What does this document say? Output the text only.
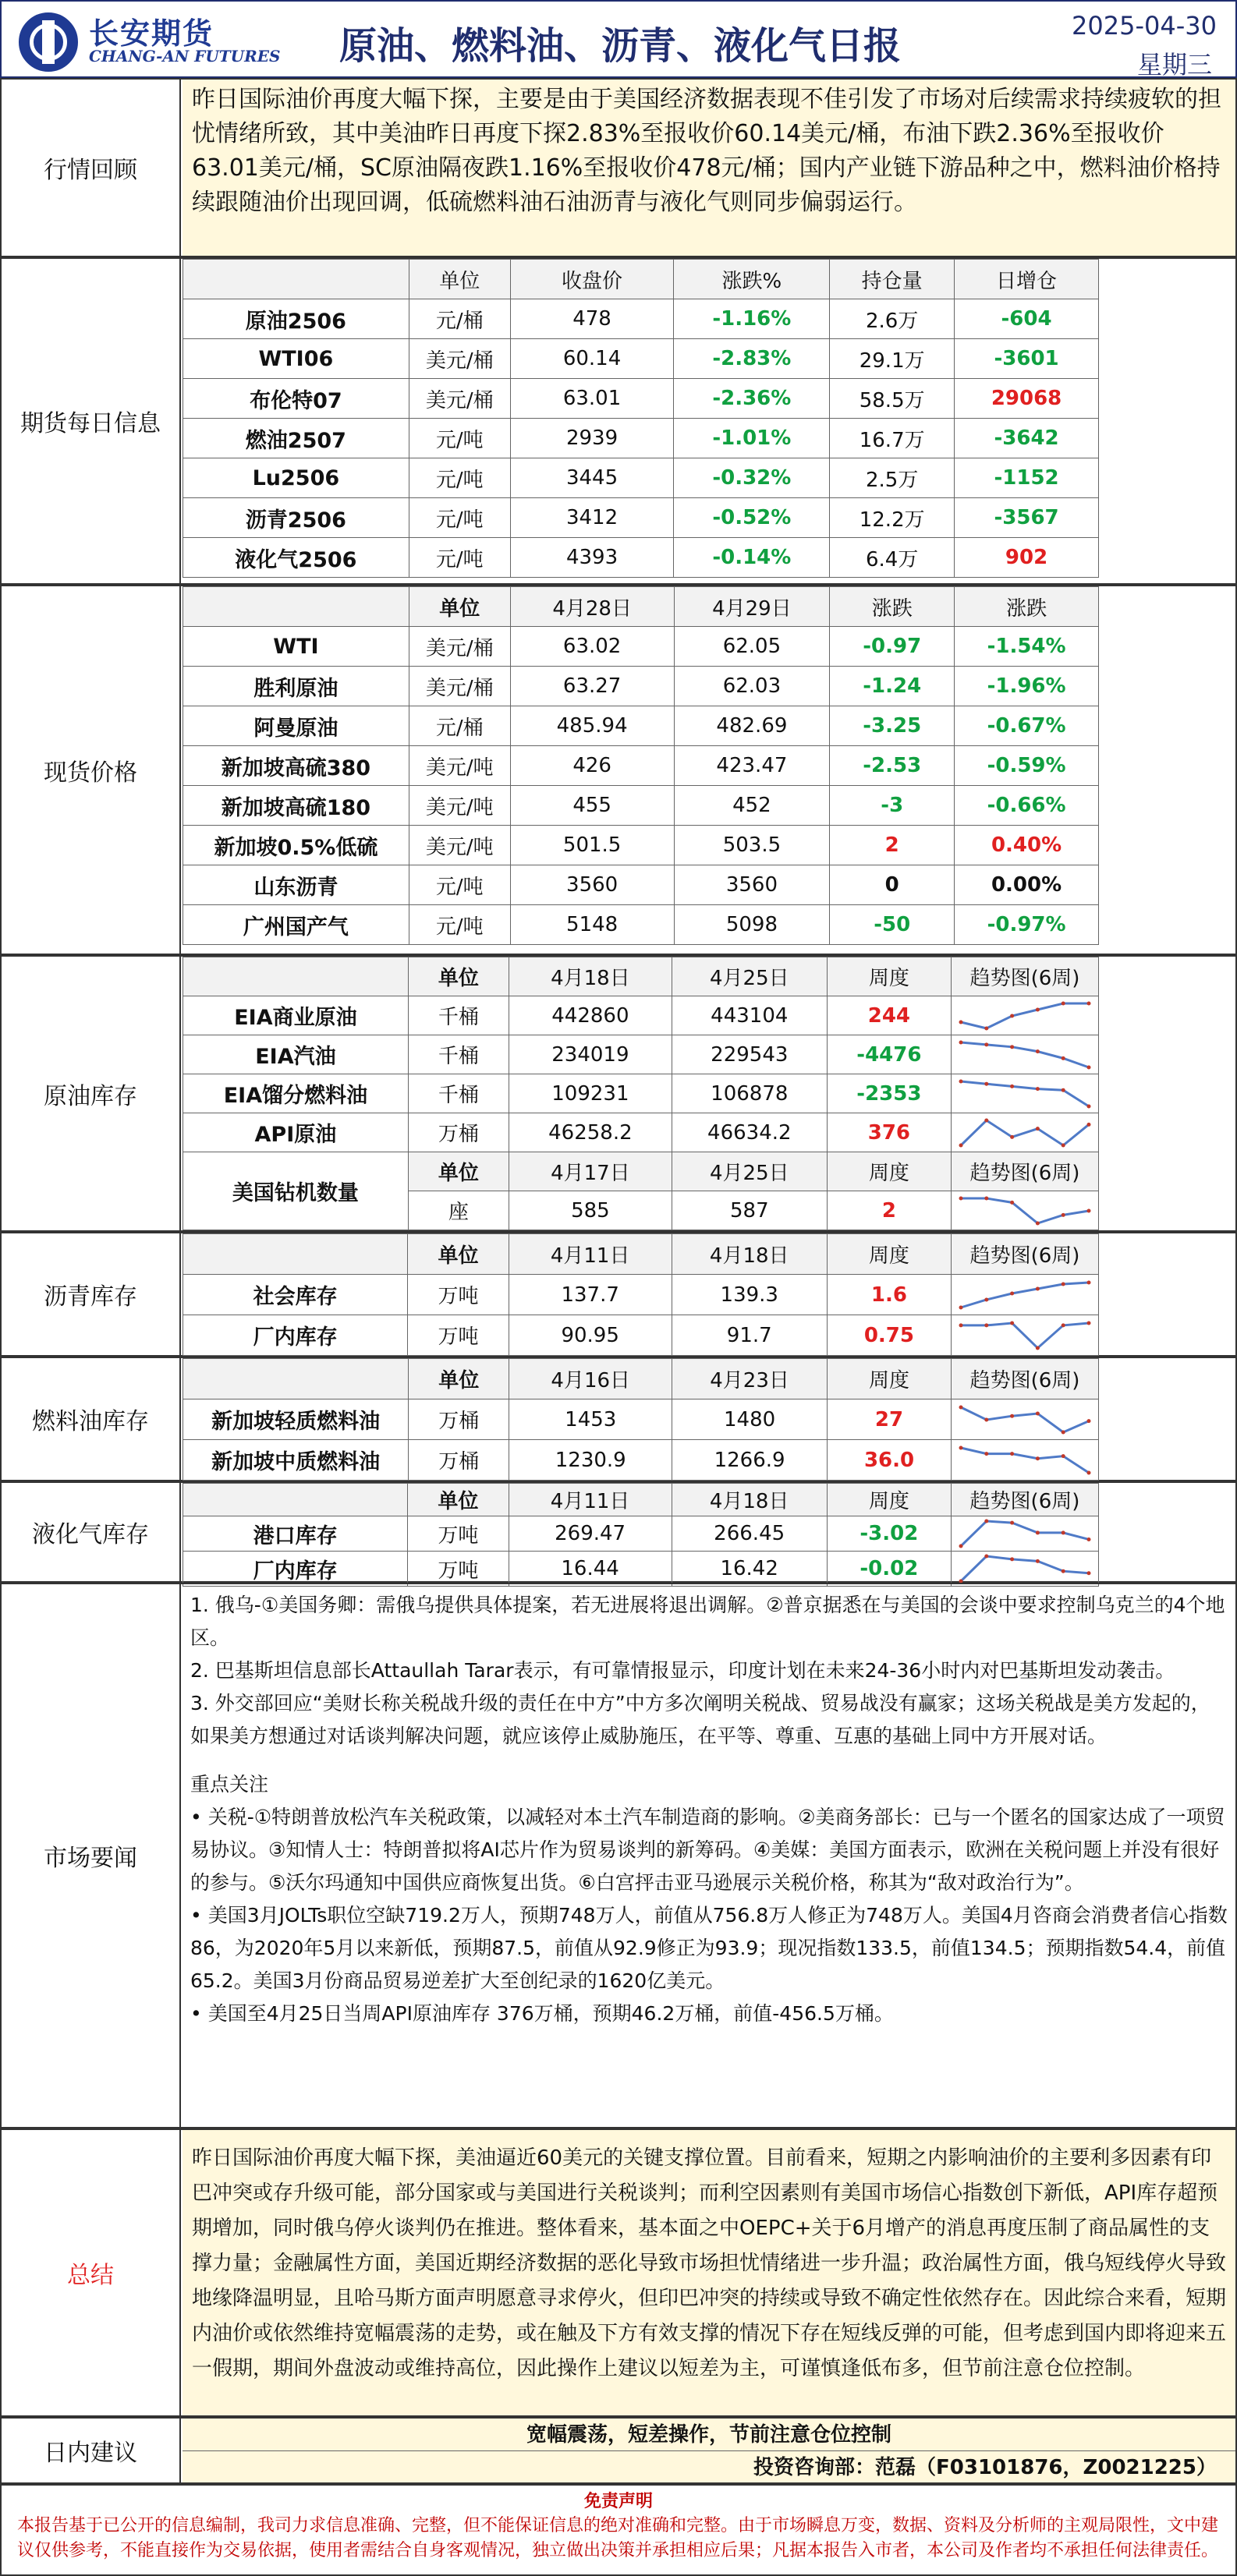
长安期货
CHANG-AN FUTURES	原油、燃料油、沥青、液化气日报	2025-04-30
星期三
行情回顾
昨日国际油价再度大幅下探，主要是由于美国经济数据表现不佳引发了市场对后续需求持续疲软的担忧情绪所致，其中美油昨日再度下探2.83%至报收价60.14美元/桶，布油下跌2.36%至报收价63.01美元/桶，SC原油隔夜跌1.16%至报收价478元/桶；国内产业链下游品种之中，燃料油价格持续跟随油价出现回调，低硫燃料油石油沥青与液化气则同步偏弱运行。
期货每日信息
	单位	收盘价	涨跌%	持仓量	日增仓
原油2506	元/桶	478	-1.16%	2.6万	-604
WTI06	美元/桶	60.14	-2.83%	29.1万	-3601
布伦特07	美元/桶	63.01	-2.36%	58.5万	29068
燃油2507	元/吨	2939	-1.01%	16.7万	-3642
Lu2506	元/吨	3445	-0.32%	2.5万	-1152
沥青2506	元/吨	3412	-0.52%	12.2万	-3567
液化气2506	元/吨	4393	-0.14%	6.4万	902
现货价格
	单位	4月28日	4月29日	涨跌	涨跌
WTI	美元/桶	63.02	62.05	-0.97	-1.54%
胜利原油	美元/桶	63.27	62.03	-1.24	-1.96%
阿曼原油	元/桶	485.94	482.69	-3.25	-0.67%
新加坡高硫380	美元/吨	426	423.47	-2.53	-0.59%
新加坡高硫180	美元/吨	455	452	-3	-0.66%
新加坡0.5%低硫	美元/吨	501.5	503.5	2	0.40%
山东沥青	元/吨	3560	3560	0	0.00%
广州国产气	元/吨	5148	5098	-50	-0.97%
原油库存
	单位	4月18日	4月25日	周度	趋势图(6周)
EIA商业原油	千桶	442860	443104	244	

EIA汽油	千桶	234019	229543	-4476	

EIA馏分燃料油	千桶	109231	106878	-2353	

API原油	万桶	46258.2	46634.2	376	

美国钻机数量	单位	4月17日	4月25日	周度	趋势图(6周)
	座	585	587	2	
沥青库存
	单位	4月11日	4月18日	周度	趋势图(6周)
社会库存	万吨	137.7	139.3	1.6	

厂内库存	万吨	90.95	91.7	0.75	
燃料油库存
	单位	4月16日	4月23日	周度	趋势图(6周)
新加坡轻质燃料油	万桶	1453	1480	27	

新加坡中质燃料油	万桶	1230.9	1266.9	36.0	
液化气库存
	单位	4月11日	4月18日	周度	趋势图(6周)
港口库存	万吨	269.47	266.45	-3.02	

厂内库存	万吨	16.44	16.42	-0.02	
市场要闻

1. 俄乌-①美国务卿：需俄乌提供具体提案，若无进展将退出调解。②普京据悉在与美国的会谈中要求控制乌克兰的4个地区。

2. 巴基斯坦信息部长Attaullah Tarar表示，有可靠情报显示，印度计划在未来24-36小时内对巴基斯坦发动袭击。

3. 外交部回应“美财长称关税战升级的责任在中方”中方多次阐明关税战、贸易战没有赢家；这场关税战是美方发起的，如果美方想通过对话谈判解决问题，就应该停止威胁施压，在平等、尊重、互惠的基础上同中方开展对话。

重点关注

• 关税-①特朗普放松汽车关税政策，以减轻对本土汽车制造商的影响。②美商务部长：已与一个匿名的国家达成了一项贸易协议。③知情人士：特朗普拟将AI芯片作为贸易谈判的新筹码。④美媒：美国方面表示，欧洲在关税问题上并没有很好的参与。⑤沃尔玛通知中国供应商恢复出货。⑥白宫抨击亚马逊展示关税价格，称其为“敌对政治行为”。

• 美国3月JOLTs职位空缺719.2万人，预期748万人，前值从756.8万人修正为748万人。美国4月咨商会消费者信心指数86，为2020年5月以来新低，预期87.5，前值从92.9修正为93.9；现况指数133.5，前值134.5；预期指数54.4，前值65.2。美国3月份商品贸易逆差扩大至创纪录的1620亿美元。

• 美国至4月25日当周API原油库存 376万桶，预期46.2万桶，前值-456.5万桶。

总结
昨日国际油价再度大幅下探，美油逼近60美元的关键支撑位置。目前看来，短期之内影响油价的主要利多因素有印巴冲突或存升级可能，部分国家或与美国进行关税谈判；而利空因素则有美国市场信心指数创下新低，API库存超预期增加，同时俄乌停火谈判仍在推进。整体看来，基本面之中OEPC+关于6月增产的消息再度压制了商品属性的支撑力量；金融属性方面，美国近期经济数据的恶化导致市场担忧情绪进一步升温；政治属性方面，俄乌短线停火导致地缘降温明显，且哈马斯方面声明愿意寻求停火，但印巴冲突的持续或导致不确定性依然存在。因此综合来看，短期内油价或依然维持宽幅震荡的走势，或在触及下方有效支撑的情况下存在短线反弹的可能，但考虑到国内即将迎来五一假期，期间外盘波动或维持高位，因此操作上建议以短差为主，可谨慎逢低布多，但节前注意仓位控制。
日内建议
宽幅震荡，短差操作，节前注意仓位控制
投资咨询部：范磊（F03101876，Z0021225）
免责声明
本报告基于已公开的信息编制，我司力求信息准确、完整，但不能保证信息的绝对准确和完整。由于市场瞬息万变，数据、资料及分析师的主观局限性，文中建议仅供参考，不能直接作为交易依据，使用者需结合自身客观情况，独立做出决策并承担相应后果；凡据本报告入市者，本公司及作者均不承担任何法律责任。
